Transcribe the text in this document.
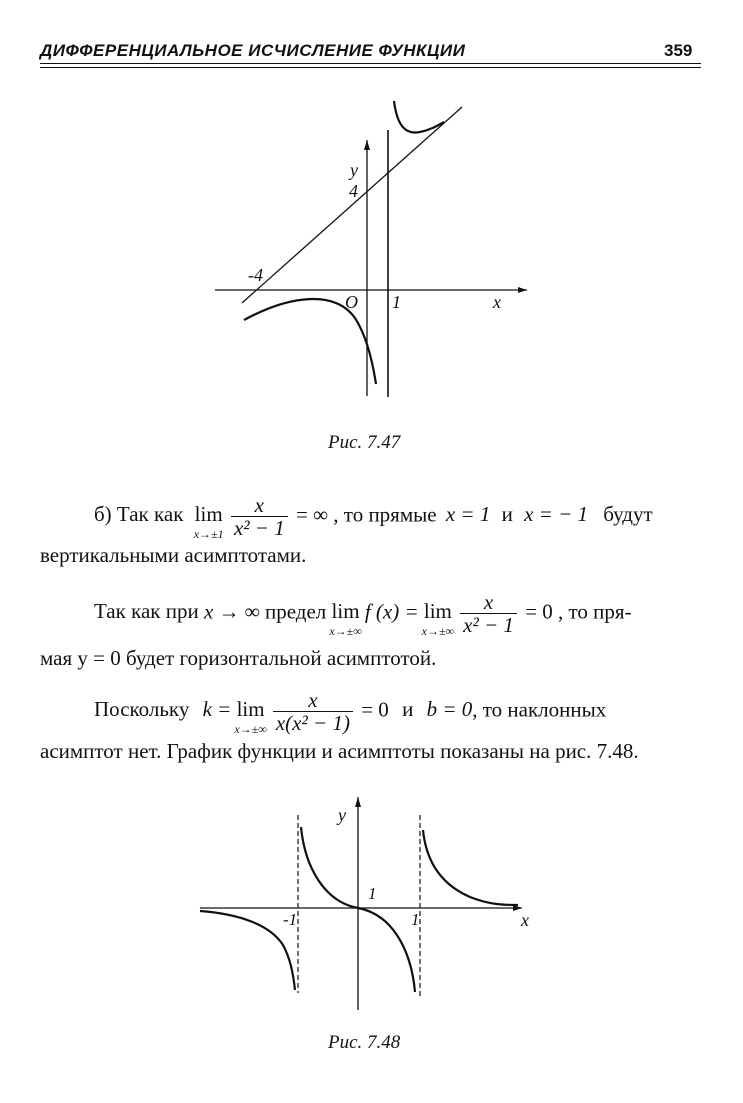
ДИФФЕРЕНЦИАЛЬНОЕ ИСЧИСЛЕНИЕ ФУНКЦИИ	359
y
4
-4
O 1	x
Рис. 7.47
б) Так как lim
x→±1
$\frac{x}{\text{x² − 1}}$ = ∞ , то прямые x = 1 и x = − 1 будут
вертикальными асимптотами.
Так как при x → ∞ предел lim
x→±∞
f (x) = lim
x→±∞
$\frac{x}{\text{x² − 1}} = 0$ , то пря-
мая y = 0 будет горизонтальной асимптотой.
Поскольку k = lim
x→±∞
$\frac{x}{\text{x(x² − 1)}} = 0$ и b = 0, то наклонных
асимптот нет. График функции и асимптоты показаны на рис. 7.48.
y
1
-1	1	x
Рис. 7.48
